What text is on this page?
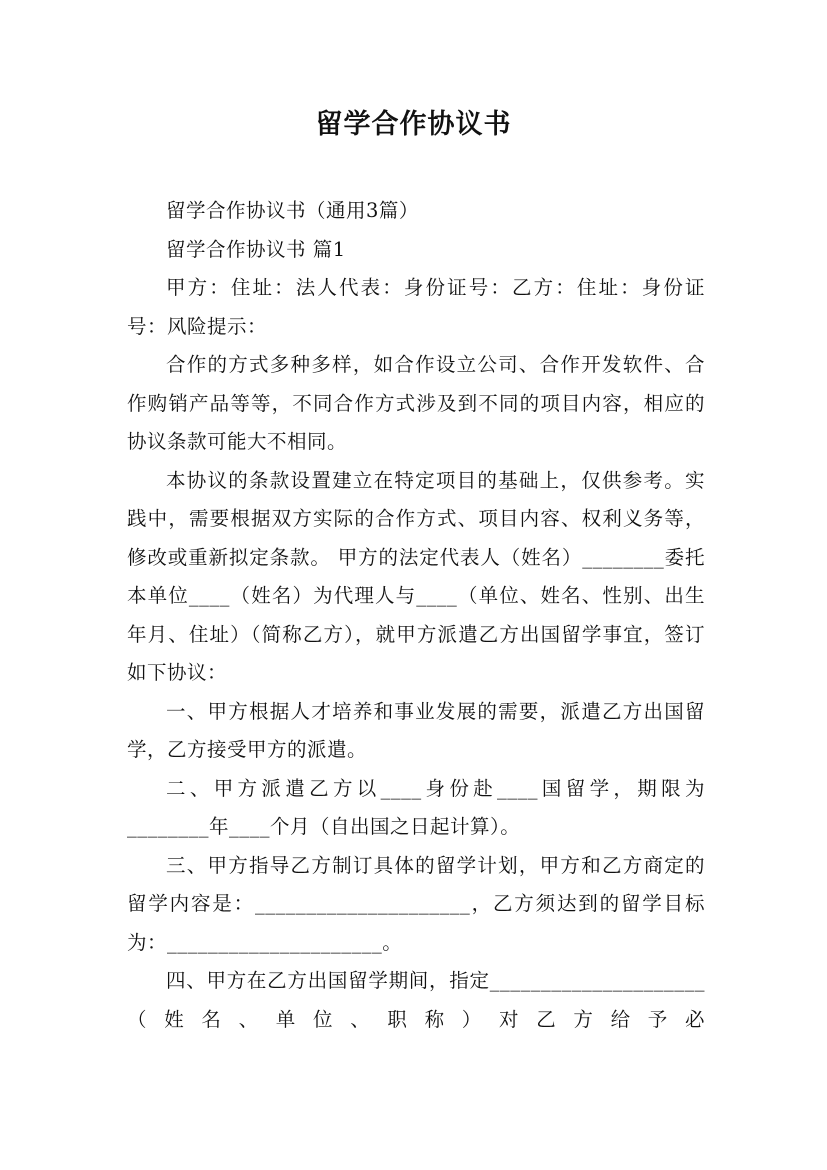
留学合作协议书

留学合作协议书（通用3篇）

留学合作协议书 篇1

甲方：住址：法人代表：身份证号：乙方：住址：身份证号：风险提示：

合作的方式多种多样，如合作设立公司、合作开发软件、合作购销产品等等，不同合作方式涉及到不同的项目内容，相应的协议条款可能大不相同。

本协议的条款设置建立在特定项目的基础上，仅供参考。实践中，需要根据双方实际的合作方式、项目内容、权利义务等，修改或重新拟定条款。 甲方的法定代表人（姓名）________委托本单位____（姓名）为代理人与____（单位、姓名、性别、出生年月、住址）（简称乙方），就甲方派遣乙方出国留学事宜，签订如下协议：

一、甲方根据人才培养和事业发展的需要，派遣乙方出国留学，乙方接受甲方的派遣。

二、甲方派遣乙方以____身份赴____国留学，期限为________年____个月（自出国之日起计算）。

三、甲方指导乙方制订具体的留学计划，甲方和乙方商定的留学内容是：_____________________，乙方须达到的留学目标为：_____________________。

四、甲方在乙方出国留学期间，指定_____________________（姓名、单位、职称）对乙方给予必
